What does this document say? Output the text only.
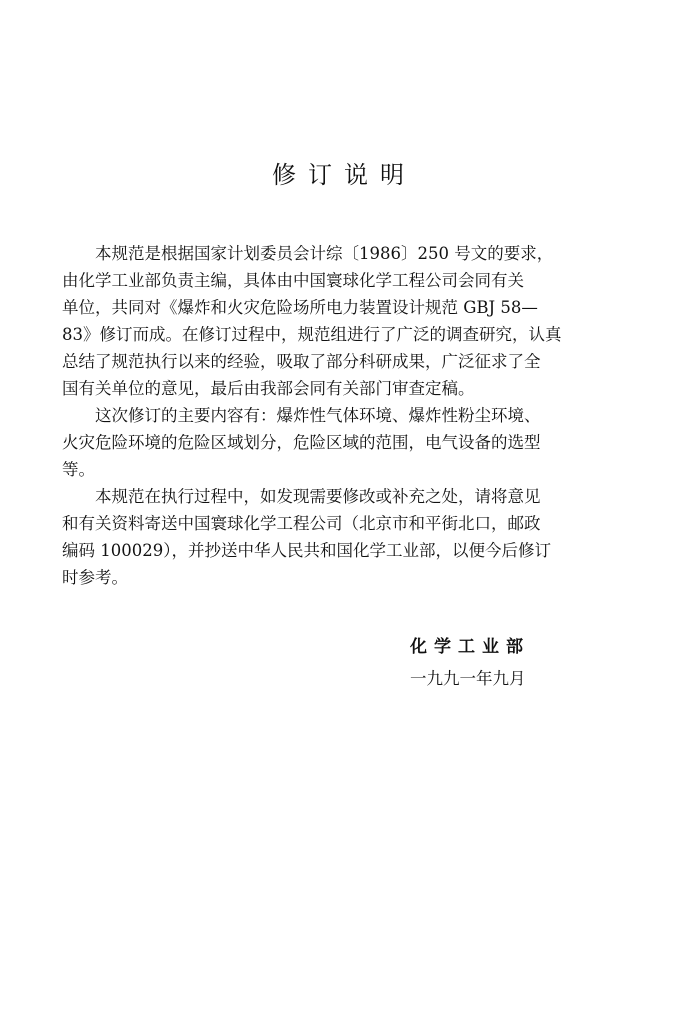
修订说明

本规范是根据国家计划委员会计综〔1986〕250 号文的要求，
由化学工业部负责主编，具体由中国寰球化学工程公司会同有关
单位，共同对《爆炸和火灾危险场所电力装置设计规范 GBJ 58—
83》修订而成。在修订过程中，规范组进行了广泛的调查研究，认真
总结了规范执行以来的经验，吸取了部分科研成果，广泛征求了全
国有关单位的意见，最后由我部会同有关部门审查定稿。

这次修订的主要内容有：爆炸性气体环境、爆炸性粉尘环境、
火灾危险环境的危险区域划分，危险区域的范围，电气设备的选型
等。

本规范在执行过程中，如发现需要修改或补充之处，请将意见
和有关资料寄送中国寰球化学工程公司（北京市和平街北口，邮政
编码 100029），并抄送中华人民共和国化学工业部，以便今后修订
时参考。

化学工业部
一九九一年九月
